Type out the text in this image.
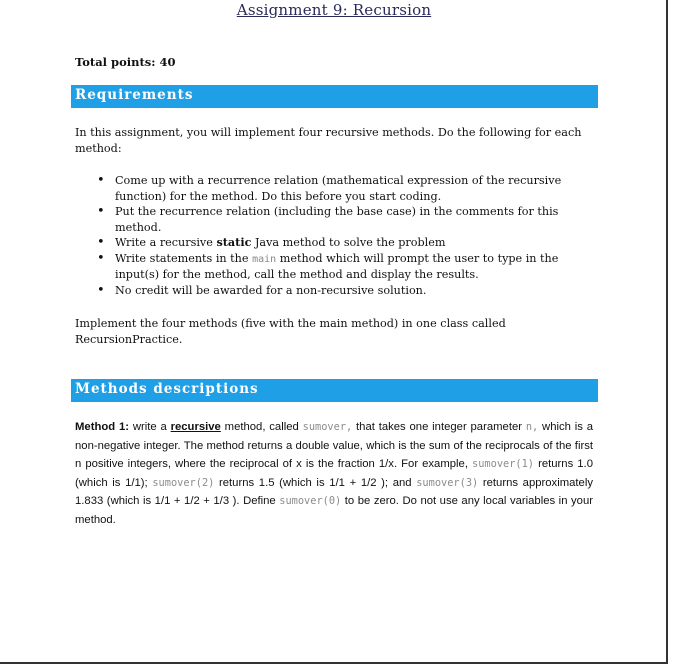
Assignment 9: Recursion
Total points: 40
Requirements
In this assignment, you will implement four recursive methods. Do the following for each method:
• Come up with a recurrence relation (mathematical expression of the recursive function) for the method. Do this before you start coding.
• Put the recurrence relation (including the base case) in the comments for this method.
• Write a recursive static Java method to solve the problem
• Write statements in the main method which will prompt the user to type in the input(s) for the method, call the method and display the results.
• No credit will be awarded for a non-recursive solution.
Implement the four methods (five with the main method) in one class called RecursionPractice.
Methods descriptions
Method 1: write a recursive method, called sumover, that takes one integer parameter n, which is a non-negative integer. The method returns a double value, which is the sum of the reciprocals of the first n positive integers, where the reciprocal of x is the fraction 1/x. For example, sumover(1) returns 1.0 (which is 1/1); sumover(2) returns 1.5 (which is 1/1 + 1/2 ); and sumover(3) returns approximately 1.833 (which is 1/1 + 1/2 + 1/3 ). Define sumover(0) to be zero. Do not use any local variables in your method.
